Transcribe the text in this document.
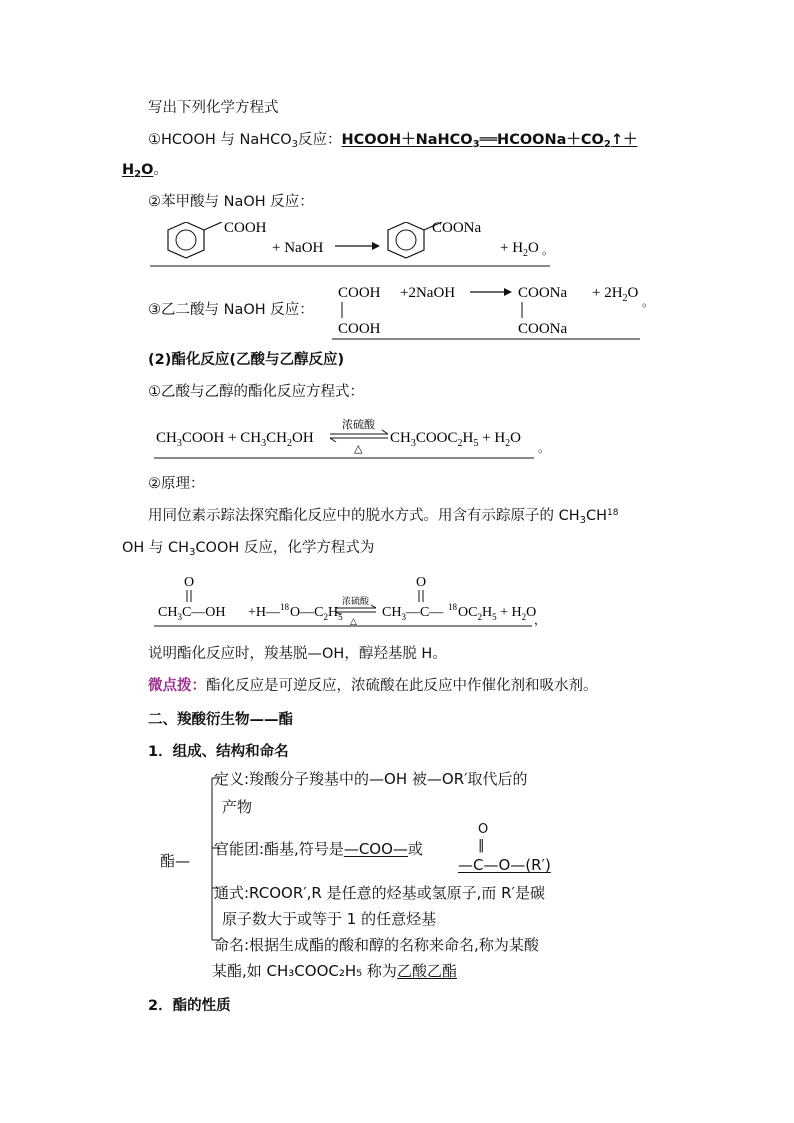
写出下列化学方程式
①HCOOH 与 NaHCO$_3$反应：$HCOOH+NaHCO_3══HCOONa+CO_2↑+$
$H_2O$。
②苯甲酸与 NaOH 反应：
COOH
+ NaOH
COONa
+ $H_2O$ 。
③乙二酸与 NaOH 反应：
COOH
COOH
+2NaOH	COONa
COONa
+ $2H_2O$
。
(2)酯化反应(乙酸与乙醇反应)
①乙酸与乙醇的酯化反应方程式：
$CH_3COOH + CH_3CH_2OH$
浓硫酸
△
$CH_3COOC_2H_5 + H_2O$
。
②原理：
用同位素示踪法探究酯化反应中的脱水方式。用含有示踪原子的 $CH_3CH^{18}$
OH 与 $CH_3COOH$ 反应，化学方程式为
O
$CH_3C—OH$ +H— 18 $O—C_2H_5$
浓硫酸
△
O
$CH_3—C—$ 18 $OC_2H_5 + H_2O$
，
说明酯化反应时，羧基脱—OH，醇羟基脱 H。
微点拨：酯化反应是可逆反应，浓硫酸在此反应中作催化剂和吸水剂。
二、羧酸衍生物——酯
1．组成、结构和命名
酯—
定义:羧酸分子羧基中的—OH 被—OR′取代后的
产物
官能团:酯基,符号是—COO—或
O
‖
—C—O—(R′)
通式:RCOOR′,R 是任意的烃基或氢原子,而 R′是碳
原子数大于或等于 1 的任意烃基
命名:根据生成酯的酸和醇的名称来命名,称为某酸
某酯,如 CH₃COOC₂H₅ 称为乙酸乙酯
2．酯的性质
